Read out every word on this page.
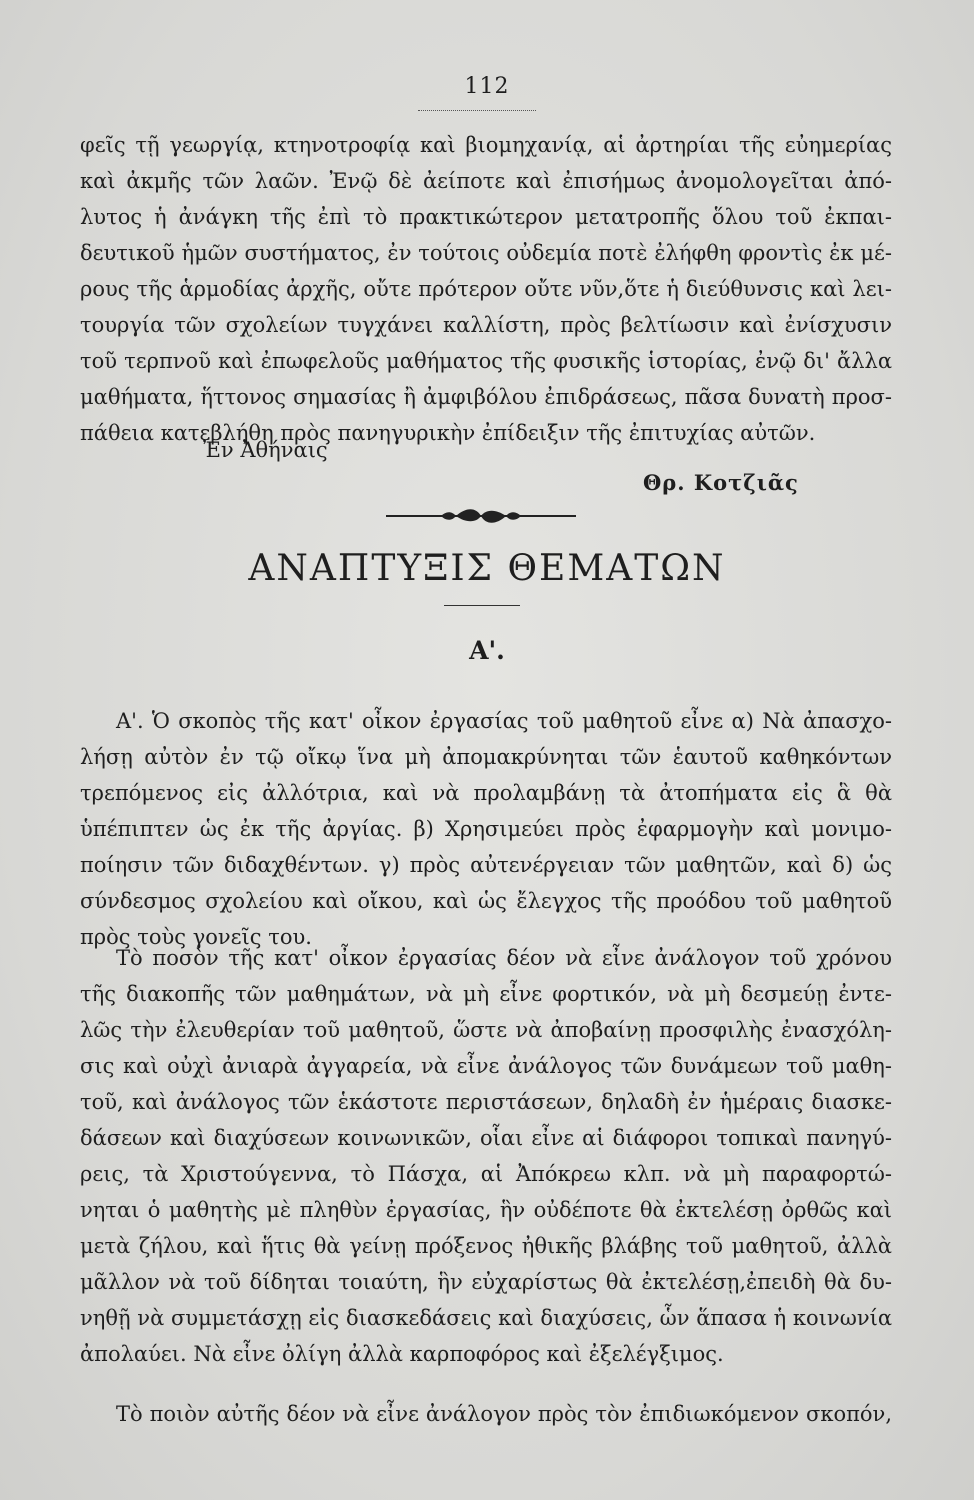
112

φεῖς τῇ γεωργίᾳ, κτηνοτροφίᾳ καὶ βιομηχανίᾳ, αἱ ἀρτηρίαι τῆς εὐημερίας
καὶ ἀκμῆς τῶν λαῶν. Ἐνῷ δὲ ἀείποτε καὶ ἐπισήμως ἀνομολογεῖται ἀπό-
λυτος ἡ ἀνάγκη τῆς ἐπὶ τὸ πρακτικώτερον μετατροπῆς ὅλου τοῦ ἐκπαι-
δευτικοῦ ἡμῶν συστήματος, ἐν τούτοις οὐδεμία ποτὲ ἐλήφθη φροντὶς ἐκ μέ-
ρους τῆς ἁρμοδίας ἀρχῆς, οὔτε πρότερον οὔτε νῦν,ὅτε ἡ διεύθυνσις καὶ λει-
τουργία τῶν σχολείων τυγχάνει καλλίστη, πρὸς βελτίωσιν καὶ ἐνίσχυσιν
τοῦ τερπνοῦ καὶ ἐπωφελοῦς μαθήματος τῆς φυσικῆς ἱστορίας, ἐνῷ δι' ἄλλα
μαθήματα, ἥττονος σημασίας ἢ ἀμφιβόλου ἐπιδράσεως, πᾶσα δυνατὴ προσ-
πάθεια κατεβλήθη πρὸς πανηγυρικὴν ἐπίδειξιν τῆς ἐπιτυχίας αὐτῶν.

Ἐν Ἀθήναις
Θρ. Κοτζιᾶς
ΑΝΑΠΤΥΞΙΣ ΘΕΜΑΤΩΝ
Α'.

Α'. Ὁ σκοπὸς τῆς κατ' οἶκον ἐργασίας τοῦ μαθητοῦ εἶνε α) Νὰ ἀπασχο-
λήσῃ αὐτὸν ἐν τῷ οἴκῳ ἵνα μὴ ἀπομακρύνηται τῶν ἑαυτοῦ καθηκόντων
τρεπόμενος εἰς ἀλλότρια, καὶ νὰ προλαμβάνῃ τὰ ἀτοπήματα εἰς ἃ θὰ
ὑπέπιπτεν ὡς ἐκ τῆς ἀργίας. β) Χρησιμεύει πρὸς ἐφαρμογὴν καὶ μονιμο-
ποίησιν τῶν διδαχθέντων. γ) πρὸς αὐτενέργειαν τῶν μαθητῶν, καὶ δ) ὡς
σύνδεσμος σχολείου καὶ οἴκου, καὶ ὡς ἔλεγχος τῆς προόδου τοῦ μαθητοῦ
πρὸς τοὺς γονεῖς του.

Τὸ ποσὸν τῆς κατ' οἶκον ἐργασίας δέον νὰ εἶνε ἀνάλογον τοῦ χρόνου
τῆς διακοπῆς τῶν μαθημάτων, νὰ μὴ εἶνε φορτικόν, νὰ μὴ δεσμεύῃ ἐντε-
λῶς τὴν ἐλευθερίαν τοῦ μαθητοῦ, ὥστε νὰ ἀποβαίνῃ προσφιλὴς ἐνασχόλη-
σις καὶ οὐχὶ ἀνιαρὰ ἀγγαρεία, νὰ εἶνε ἀνάλογος τῶν δυνάμεων τοῦ μαθη-
τοῦ, καὶ ἀνάλογος τῶν ἑκάστοτε περιστάσεων, δηλαδὴ ἐν ἡμέραις διασκε-
δάσεων καὶ διαχύσεων κοινωνικῶν, οἷαι εἶνε αἱ διάφοροι τοπικαὶ πανηγύ-
ρεις, τὰ Χριστούγεννα, τὸ Πάσχα, αἱ Ἀπόκρεω κλπ. νὰ μὴ παραφορτώ-
νηται ὁ μαθητὴς μὲ πληθὺν ἐργασίας, ἣν οὐδέποτε θὰ ἐκτελέσῃ ὀρθῶς καὶ
μετὰ ζήλου, καὶ ἥτις θὰ γείνῃ πρόξενος ἠθικῆς βλάβης τοῦ μαθητοῦ, ἀλλὰ
μᾶλλον νὰ τοῦ δίδηται τοιαύτη, ἣν εὐχαρίστως θὰ ἐκτελέσῃ,ἐπειδὴ θὰ δυ-
νηθῇ νὰ συμμετάσχῃ εἰς διασκεδάσεις καὶ διαχύσεις, ὧν ἅπασα ἡ κοινωνία
ἀπολαύει. Νὰ εἶνε ὀλίγη ἀλλὰ καρποφόρος καὶ ἐξελέγξιμος.

Τὸ ποιὸν αὐτῆς δέον νὰ εἶνε ἀνάλογον πρὸς τὸν ἐπιδιωκόμενον σκοπόν,
